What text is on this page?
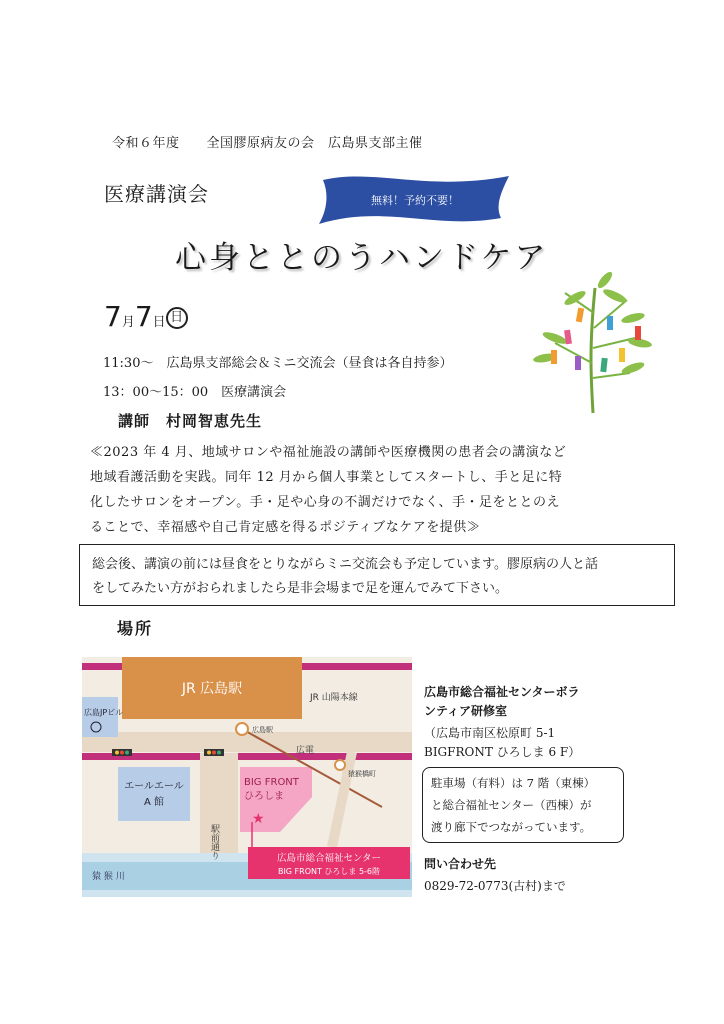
令和６年度　　全国膠原病友の会　広島県支部主催
医療講演会	無料！予約不要！
心身ととのうハンドケア
7月7日 日
11:30～　広島県支部総会＆ミニ交流会（昼食は各自持参）
13：00～15：00　医療講演会
講師　村岡智恵先生
≪2023 年 4 月、地域サロンや福祉施設の講師や医療機関の患者会の講演など
地域看護活動を実践。同年 12 月から個人事業としてスタートし、手と足に特
化したサロンをオープン。手・足や心身の不調だけでなく、手・足をととのえ
ることで、幸福感や自己肯定感を得るポジティブなケアを提供≫
総会後、講演の前には昼食をとりながらミニ交流会も予定しています。膠原病の人と話
をしてみたい方がおられましたら是非会場まで足を運んでみて下さい。
場所
JR 広島駅
広島JPビル
JR 山陽本線
エールエール
A 館
BIG FRONT
ひろしま
★
広電
広島駅
猿猴橋町
駅前通り
猿 猴 川
広島市総合福祉センター
BIG FRONT ひろしま 5-6階
広島市総合福祉センターボラ
ンティア研修室
（広島市南区松原町 5-1
BIGFRONT ひろしま 6 F）
駐車場（有料）は 7 階（東棟）
と総合福祉センター（西棟）が
渡り廊下でつながっています。
問い合わせ先
0829-72-0773(古村)まで
